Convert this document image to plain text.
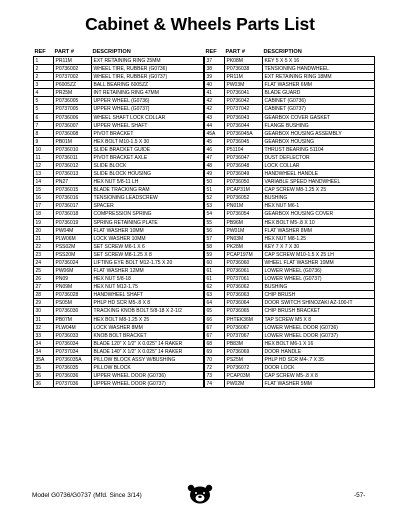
Cabinet & Wheels Parts List
REF	PART #	DESCRIPTION
1	PR11M	EXT RETAINING RING 25MM
2	P0736002	WHEEL TIRE, RUBBER (G0736)
2	P0737002	WHEEL TIRE, RUBBER (G0737)
3	P6005ZZ	BALL BEARING 6005ZZ
4	PR25M	INT RETAINING RING 47MM
5	P0736005	UPPER WHEEL (G0736)
5	P0737005	UPPER WHEEL (G0737)
6	P0736006	WHEEL SHAFT LOCK COLLAR
7	P0736007	UPPER WHEEL SHAFT
8	P0736008	PIVOT BRACKET
9	PB01M	HEX BOLT M10-1.5 X 30
10	P0736010	SLIDE BRACKET GUIDE
11	P0736011	PIVOT BRACKET AXLE
12	P0736012	SLIDE BLOCK
13	P0736013	SLIDE BLOCK HOUSING
14	PN27	HEX NUT 5/8-11 LH
15	P0736015	BLADE TRACKING RAM
16	P0736016	TENSIONING LEADSCREW
17	P0736017	SPACER
18	P0736018	COMPRESSION SPRING
19	P0736019	SPRING RETAINING PLATE
20	PW04M	FLAT WASHER 10MM
21	PLW06M	LOCK WASHER 10MM
22	PSS02M	SET SCREW M6-1 X 6
23	PSS20M	SET SCREW M8-1.25 X 8
24	P0736024	LIFTING EYE BOLT M12-1.75 X 20
25	PW06M	FLAT WASHER 12MM
26	PN09	HEX NUT 5/8-18
27	PN09M	HEX NUT M12-1.75
28	P0736028	HANDWHEEL SHAFT
29	PS05M	PHLP HD SCR M5-.8 X 8
30	P0736030	TRACKING KNOB BOLT 5/8-18 X 2-1/2
31	PB07M	HEX BOLT M8-1.25 X 25
32	PLW04M	LOCK WASHER 8MM
33	P0736033	KNOB BOLT BRACKET
34	P0736034	BLADE 120" X 1/2" X 0.025" 14 RAKER
34	P0737034	BLADE 140" X 1/2" X 0.025" 14 RAKER
35A	P0736035A	PILLOW BLOCK ASSY W/BUSHING
35	P0736035	PILLOW BLOCK
36	P0736036	UPPER WHEEL DOOR (G0736)
36	P0737036	UPPER WHEEL DOOR (G0737)
REF	PART #	DESCRIPTION
37	PK08M	KEY 5 X 5 X 16
38	P0736038	TENSIONING HANDWHEEL
39	PR11M	EXT RETAINING RING 18MM
40	PW03M	FLAT WASHER 6MM
41	P0736041	BLADE GUARD
42	P0736042	CABINET (G0736)
42	P0737042	CABINET (G0737)
43	P0736043	GEARBOX COVER GASKET
44	P0736044	FLANGE BUSHING
45A	P0736045A	GEARBOX HOUSING ASSEMBLY
45	P0736045	GEARBOX HOUSING
46	P51104	THRUST BEARING 51104
47	P0736047	DUST DEFLECTOR
48	P0736048	LOCK COLLAR
49	P0736049	HANDWHEEL HANDLE
50	P0736050	VARIABLE SPEED HANDWHEEL
51	PCAP31M	CAP SCREW M8-1.25 X 25
52	P0736052	BUSHING
53	PN01M	HEX NUT M6-1
54	P0736054	GEARBOX HOUSING COVER
55	PB96M	HEX BOLT M5-.8 X 10
56	PW01M	FLAT WASHER 8MM
57	PN03M	HEX NUT M8-1.25
58	PK28M	KEY 7 X 7 X 30
59	PCAP197M	CAP SCREW M10-1.5 X 25 LH
60	P0736060	WHEEL FLAT WASHER 10MM
61	P0736061	LOWER WHEEL (G0736)
61	P0737061	LOWER WHEEL (G0737)
62	P0736062	BUSHING
63	P0736063	CHIP BRUSH
64	P0736064	DOOR SWITCH SHINOZAKI AZ-100-IT
65	P0736065	CHIP BRUSH BRACKET
66	PHTEK36M	TAP SCREW M5 X 8
67	P0736067	LOWER WHEEL DOOR (G0736)
67	P0737067	LOWER WHEEL DOOR (G0737)
68	PB83M	HEX BOLT M6-1 X 16
69	P0736069	DOOR HANDLE
70	PS25M	PHLP HD SCR M4-.7 X 35
72	P0736072	DOOR LOCK
73	PCAP03M	CAP SCREW M5-.8 X 8
74	PW02M	FLAT WASHER 5MM
Model G0736/G0737 (Mfd. Since 3/14)	-57-
